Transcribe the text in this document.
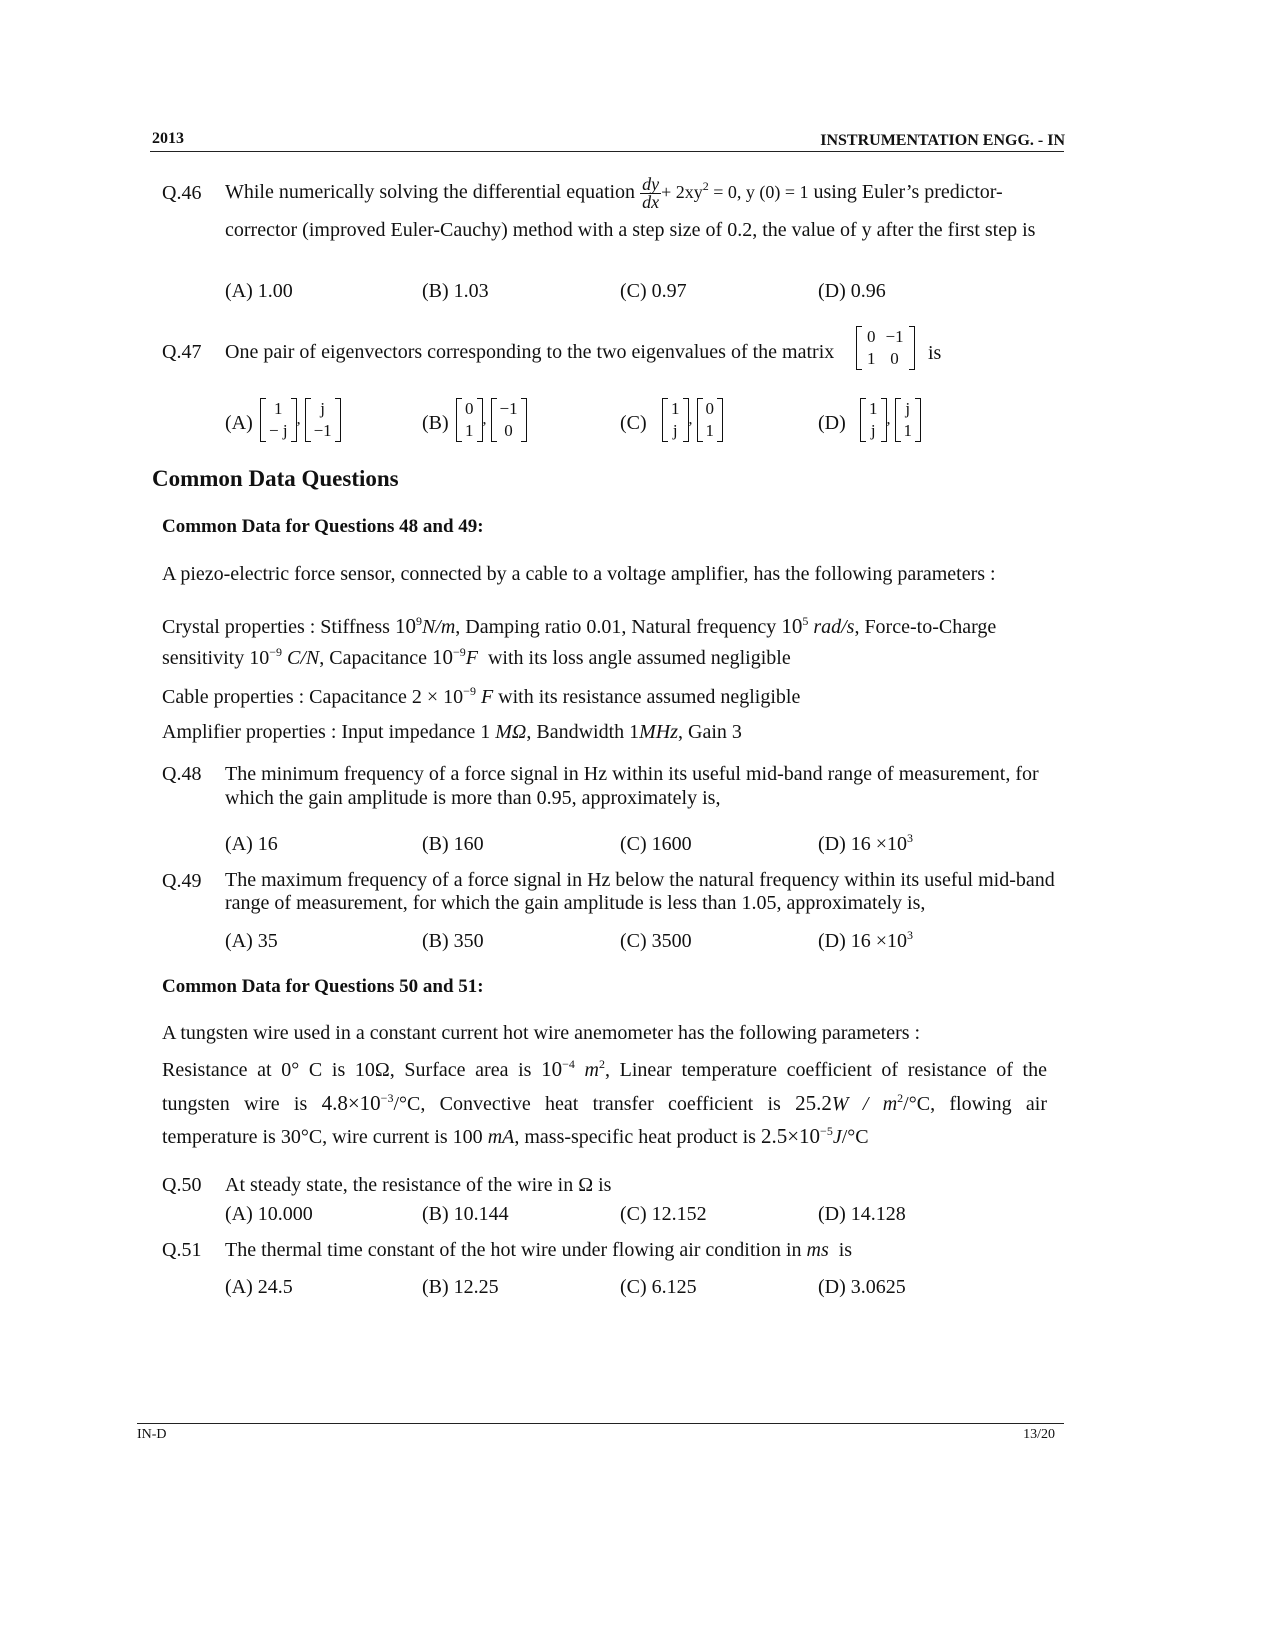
2013	INSTRUMENTATION ENGG. - IN
Q.46 While numerically solving the differential equation $\frac{dy}{dx} + 2xy^2 = 0$, y (0) = 1 using Euler’s predictor-
corrector (improved Euler-Cauchy) method with a step size of 0.2, the value of y after the first step is
(A) 1.00	(B) 1.03	(C) 0.97	(D) 0.96
Q.47 One pair of eigenvectors corresponding to the two eigenvalues of the matrix
0	−1
1	0 is
(A)
1
− j
,
j
−1	(B)
0
1
,
−1
0	(C)
1
j
,
0
1	(D)
1
j
,
j
1
Common Data Questions
Common Data for Questions 48 and 49:
A piezo-electric force sensor, connected by a cable to a voltage amplifier, has the following parameters :
Crystal properties : Stiffness $10^9N/m$, Damping ratio 0.01, Natural frequency $10^5$ rad/s, Force-to-Charge
sensitivity $10^{-9}$ C/N, Capacitance $10^{-9}F$ with its loss angle assumed negligible
Cable properties : Capacitance $2 \times 10^{-9}$ F with its resistance assumed negligible
Amplifier properties : Input impedance 1 MΩ, Bandwidth 1MHz, Gain 3
Q.48 The minimum frequency of a force signal in Hz within its useful mid-band range of measurement, for which the gain amplitude is more than 0.95, approximately is,
(A) 16	(B) 160	(C) 1600	(D) $16 \times 10^3$
Q.49 The maximum frequency of a force signal in Hz below the natural frequency within its useful mid-band range of measurement, for which the gain amplitude is less than 1.05, approximately is,
(A) 35	(B) 350	(C) 3500	(D) $16 \times 10^3$
Common Data for Questions 50 and 51:
A tungsten wire used in a constant current hot wire anemometer has the following parameters :
Resistance at 0° C is 10Ω, Surface area is $10^{-4}$ $m^2$, Linear temperature coefficient of resistance of the
tungsten wire is $4.8\times 10^{-3}/^\circ C$, Convective heat transfer coefficient is $25.2W / m^2/^\circ C$, flowing air
temperature is 30°C, wire current is 100 mA, mass-specific heat product is $2.5\times 10^{-5}J/^\circ C$
Q.50 At steady state, the resistance of the wire in Ω is
(A) 10.000	(B) 10.144	(C) 12.152	(D) 14.128
Q.51 The thermal time constant of the hot wire under flowing air condition in ms is
(A) 24.5	(B) 12.25	(C) 6.125	(D) 3.0625
IN-D	13/20
